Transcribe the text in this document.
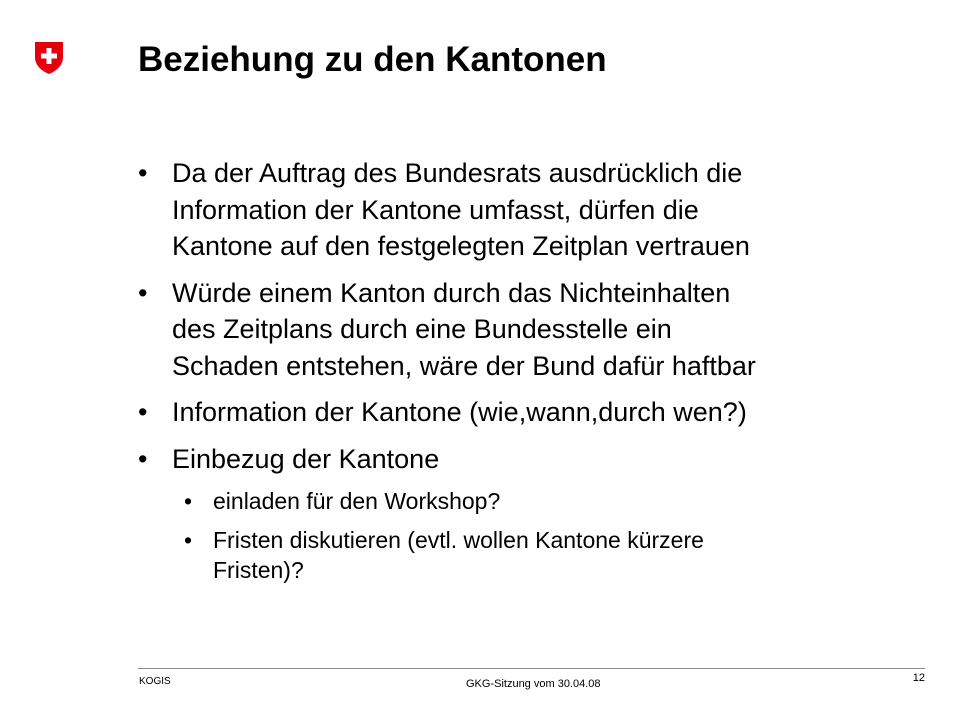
Beziehung zu den Kantonen
• Da der Auftrag des Bundesrats ausdrücklich die
Information der Kantone umfasst, dürfen die
Kantone auf den festgelegten Zeitplan vertrauen
• Würde einem Kanton durch das Nichteinhalten
des Zeitplans durch eine Bundesstelle ein
Schaden entstehen, wäre der Bund dafür haftbar
• Information der Kantone (wie,wann,durch wen?)
• Einbezug der Kantone
• einladen für den Workshop?
• Fristen diskutieren (evtl. wollen Kantone kürzere
Fristen)?
KOGIS	GKG-Sitzung vom 30.04.08	12
